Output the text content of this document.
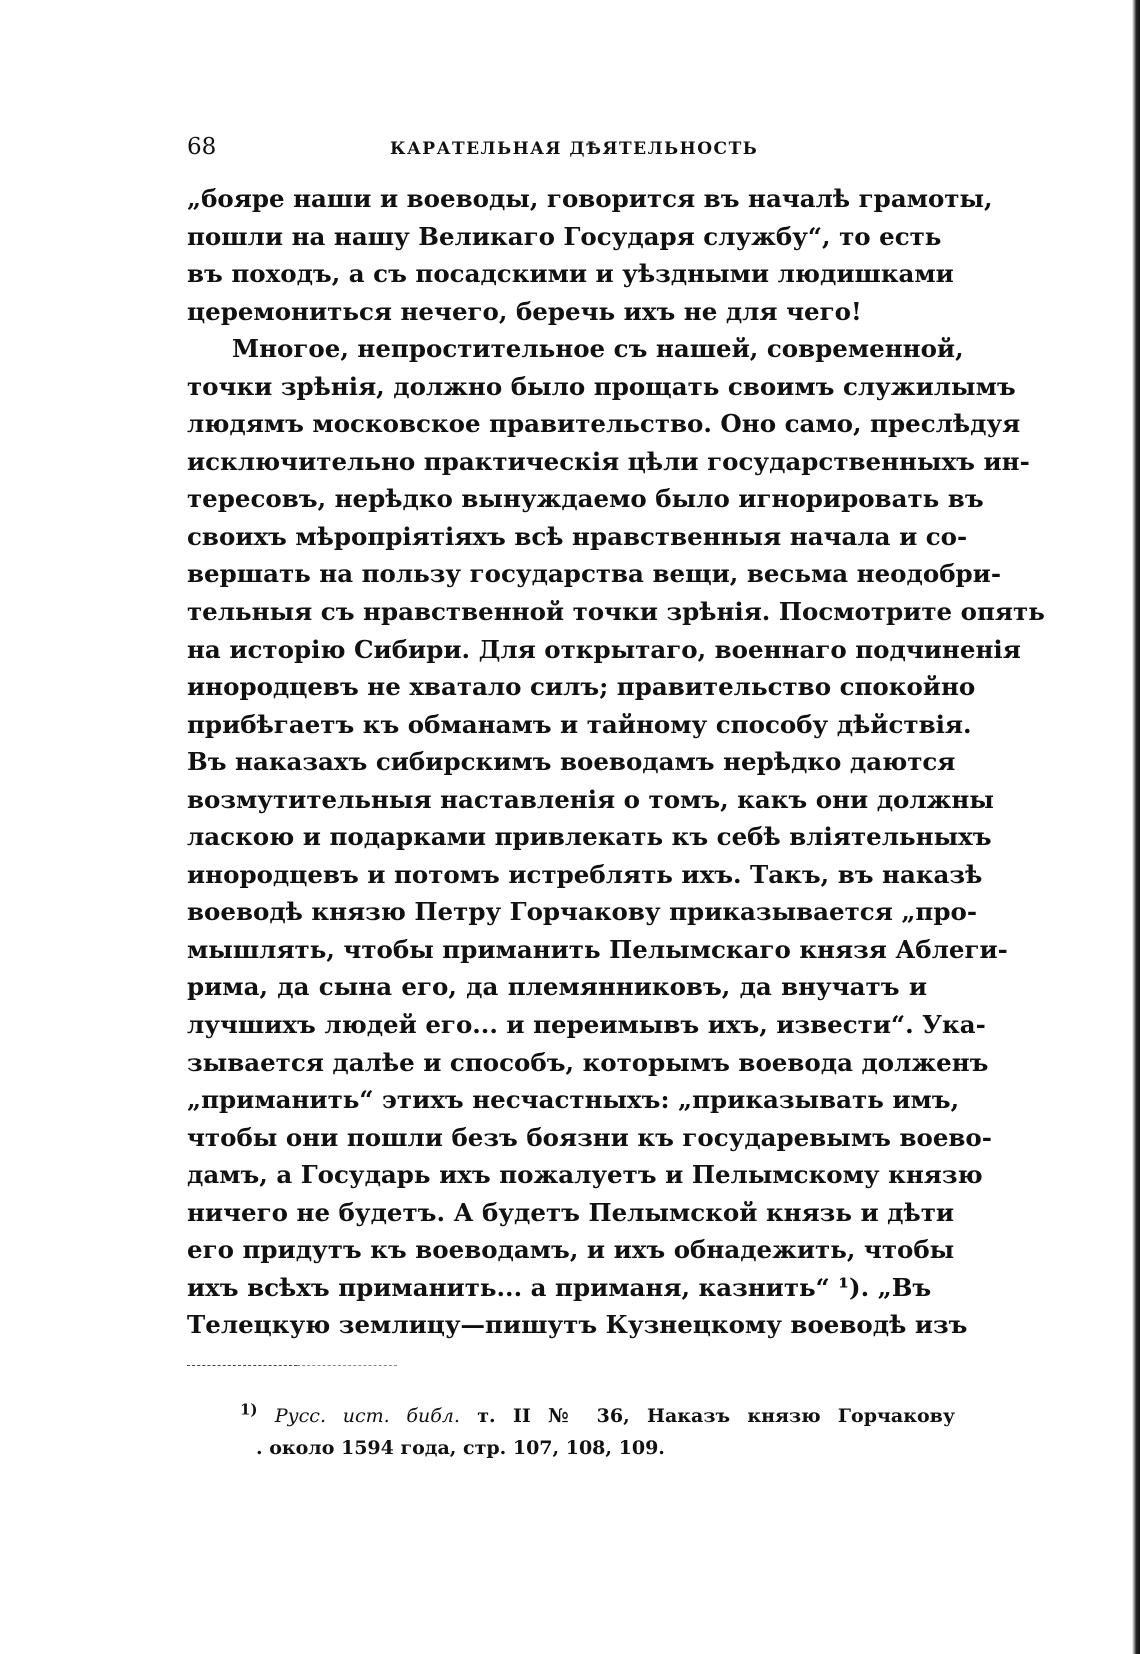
68	КАРАТЕЛЬНАЯ ДѢЯТЕЛЬНОСТЬ
„бояре наши и воеводы, говорится въ началѣ грамоты,
пошли на нашу Великаго Государя службу“, то есть
въ походъ, а съ посадскими и уѣздными людишками
церемониться нечего, беречь ихъ не для чего!
Многое, непростительное съ нашей, современной,
точки зрѣнія, должно было прощать своимъ служилымъ
людямъ московское правительство. Оно само, преслѣдуя
исключительно практическія цѣли государственныхъ ин-
тересовъ, нерѣдко вынуждаемо было игнорировать въ
своихъ мѣропріятіяхъ всѣ нравственныя начала и со-
вершать на пользу государства вещи, весьма неодобри-
тельныя съ нравственной точки зрѣнія. Посмотрите опять
на исторію Сибири. Для открытаго, военнаго подчиненія
инородцевъ не хватало силъ; правительство спокойно
прибѣгаетъ къ обманамъ и тайному способу дѣйствія.
Въ наказахъ сибирскимъ воеводамъ нерѣдко даются
возмутительныя наставленія о томъ, какъ они должны
ласкою и подарками привлекать къ себѣ вліятельныхъ
инородцевъ и потомъ истреблять ихъ. Такъ, въ наказѣ
воеводѣ князю Петру Горчакову приказывается „про-
мышлять, чтобы приманить Пелымскаго князя Аблеги-
рима, да сына его, да племянниковъ, да внучатъ и
лучшихъ людей его... и переимывъ ихъ, извести“. Ука-
зывается далѣе и способъ, которымъ воевода долженъ
„приманить“ этихъ несчастныхъ: „приказывать имъ,
чтобы они пошли безъ боязни къ государевымъ воево-
дамъ, а Государь ихъ пожалуетъ и Пелымскому князю
ничего не будетъ. А будетъ Пелымской князь и дѣти
его придутъ къ воеводамъ, и ихъ обнадежить, чтобы
ихъ всѣхъ приманить... а приманя, казнить“ ¹). „Въ
Телецкую землицу—пишутъ Кузнецкому воеводѣ изъ
$^{1)}$ Русс. ист. библ. т. II № 36, Наказъ князю Горчакову
. около 1594 года, стр. 107, 108, 109.
